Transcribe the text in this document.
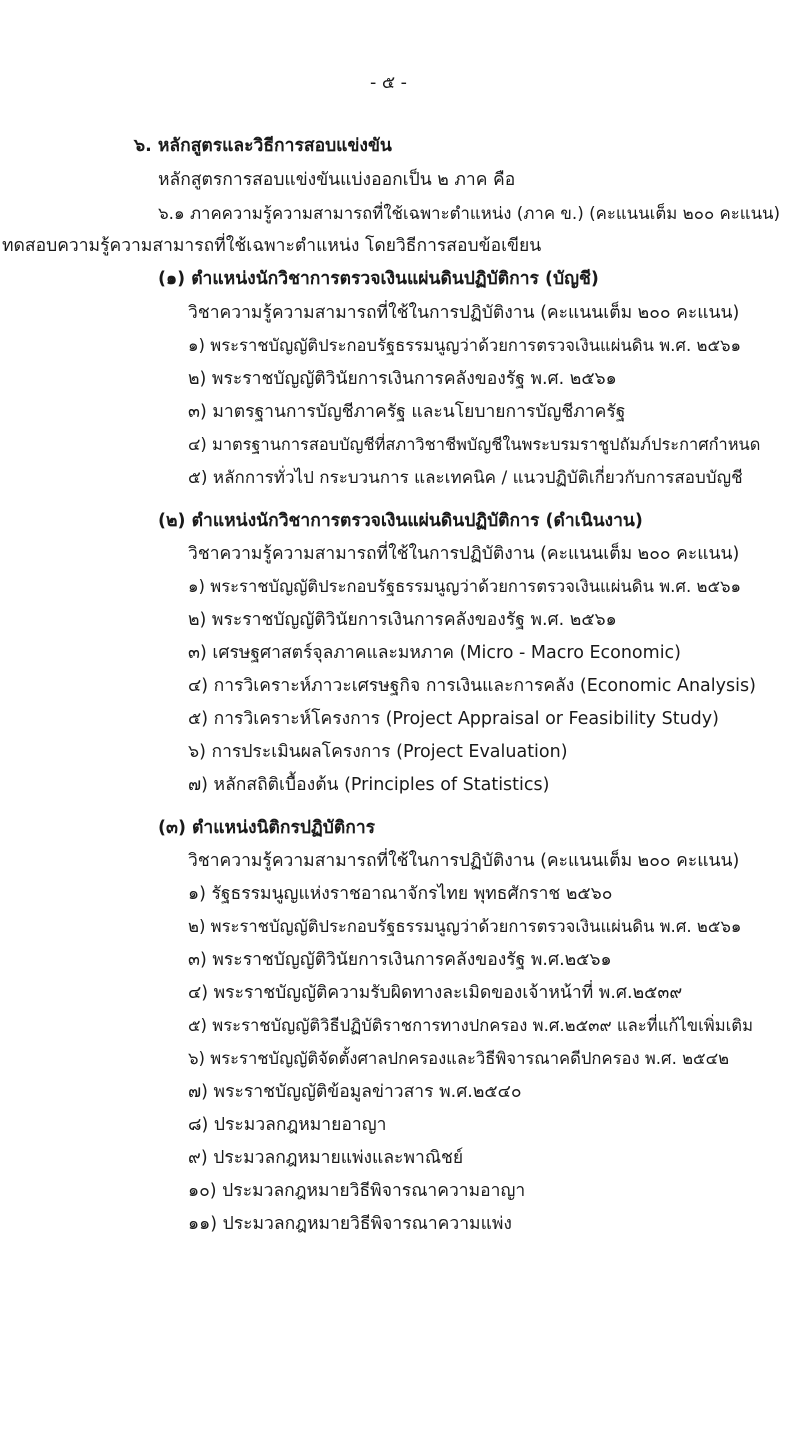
- ๕ -
๖. หลักสูตรและวิธีการสอบแข่งขัน
หลักสูตรการสอบแข่งขันแบ่งออกเป็น ๒ ภาค คือ
๖.๑ ภาคความรู้ความสามารถที่ใช้เฉพาะตำแหน่ง (ภาค ข.) (คะแนนเต็ม ๒๐๐ คะแนน)
ทดสอบความรู้ความสามารถที่ใช้เฉพาะตำแหน่ง โดยวิธีการสอบข้อเขียน
(๑) ตำแหน่งนักวิชาการตรวจเงินแผ่นดินปฏิบัติการ (บัญชี)
วิชาความรู้ความสามารถที่ใช้ในการปฏิบัติงาน (คะแนนเต็ม ๒๐๐ คะแนน)
๑) พระราชบัญญัติประกอบรัฐธรรมนูญว่าด้วยการตรวจเงินแผ่นดิน พ.ศ. ๒๕๖๑
๒) พระราชบัญญัติวินัยการเงินการคลังของรัฐ พ.ศ. ๒๕๖๑
๓) มาตรฐานการบัญชีภาครัฐ และนโยบายการบัญชีภาครัฐ
๔) มาตรฐานการสอบบัญชีที่สภาวิชาชีพบัญชีในพระบรมราชูปถัมภ์ประกาศกำหนด
๕) หลักการทั่วไป กระบวนการ และเทคนิค / แนวปฏิบัติเกี่ยวกับการสอบบัญชี
(๒) ตำแหน่งนักวิชาการตรวจเงินแผ่นดินปฏิบัติการ (ดำเนินงาน)
วิชาความรู้ความสามารถที่ใช้ในการปฏิบัติงาน (คะแนนเต็ม ๒๐๐ คะแนน)
๑) พระราชบัญญัติประกอบรัฐธรรมนูญว่าด้วยการตรวจเงินแผ่นดิน พ.ศ. ๒๕๖๑
๒) พระราชบัญญัติวินัยการเงินการคลังของรัฐ พ.ศ. ๒๕๖๑
๓) เศรษฐศาสตร์จุลภาคและมหภาค (Micro - Macro Economic)
๔) การวิเคราะห์ภาวะเศรษฐกิจ การเงินและการคลัง (Economic Analysis)
๕) การวิเคราะห์โครงการ (Project Appraisal or Feasibility Study)
๖) การประเมินผลโครงการ (Project Evaluation)
๗) หลักสถิติเบื้องต้น (Principles of Statistics)
(๓) ตำแหน่งนิติกรปฏิบัติการ
วิชาความรู้ความสามารถที่ใช้ในการปฏิบัติงาน (คะแนนเต็ม ๒๐๐ คะแนน)
๑) รัฐธรรมนูญแห่งราชอาณาจักรไทย พุทธศักราช ๒๕๖๐
๒) พระราชบัญญัติประกอบรัฐธรรมนูญว่าด้วยการตรวจเงินแผ่นดิน พ.ศ. ๒๕๖๑
๓) พระราชบัญญัติวินัยการเงินการคลังของรัฐ พ.ศ.๒๕๖๑
๔) พระราชบัญญัติความรับผิดทางละเมิดของเจ้าหน้าที่ พ.ศ.๒๕๓๙
๕) พระราชบัญญัติวิธีปฏิบัติราชการทางปกครอง พ.ศ.๒๕๓๙ และที่แก้ไขเพิ่มเติม
๖) พระราชบัญญัติจัดตั้งศาลปกครองและวิธีพิจารณาคดีปกครอง พ.ศ. ๒๕๔๒
๗) พระราชบัญญัติข้อมูลข่าวสาร พ.ศ.๒๕๔๐
๘) ประมวลกฎหมายอาญา
๙) ประมวลกฎหมายแพ่งและพาณิชย์
๑๐) ประมวลกฎหมายวิธีพิจารณาความอาญา
๑๑) ประมวลกฎหมายวิธีพิจารณาความแพ่ง
